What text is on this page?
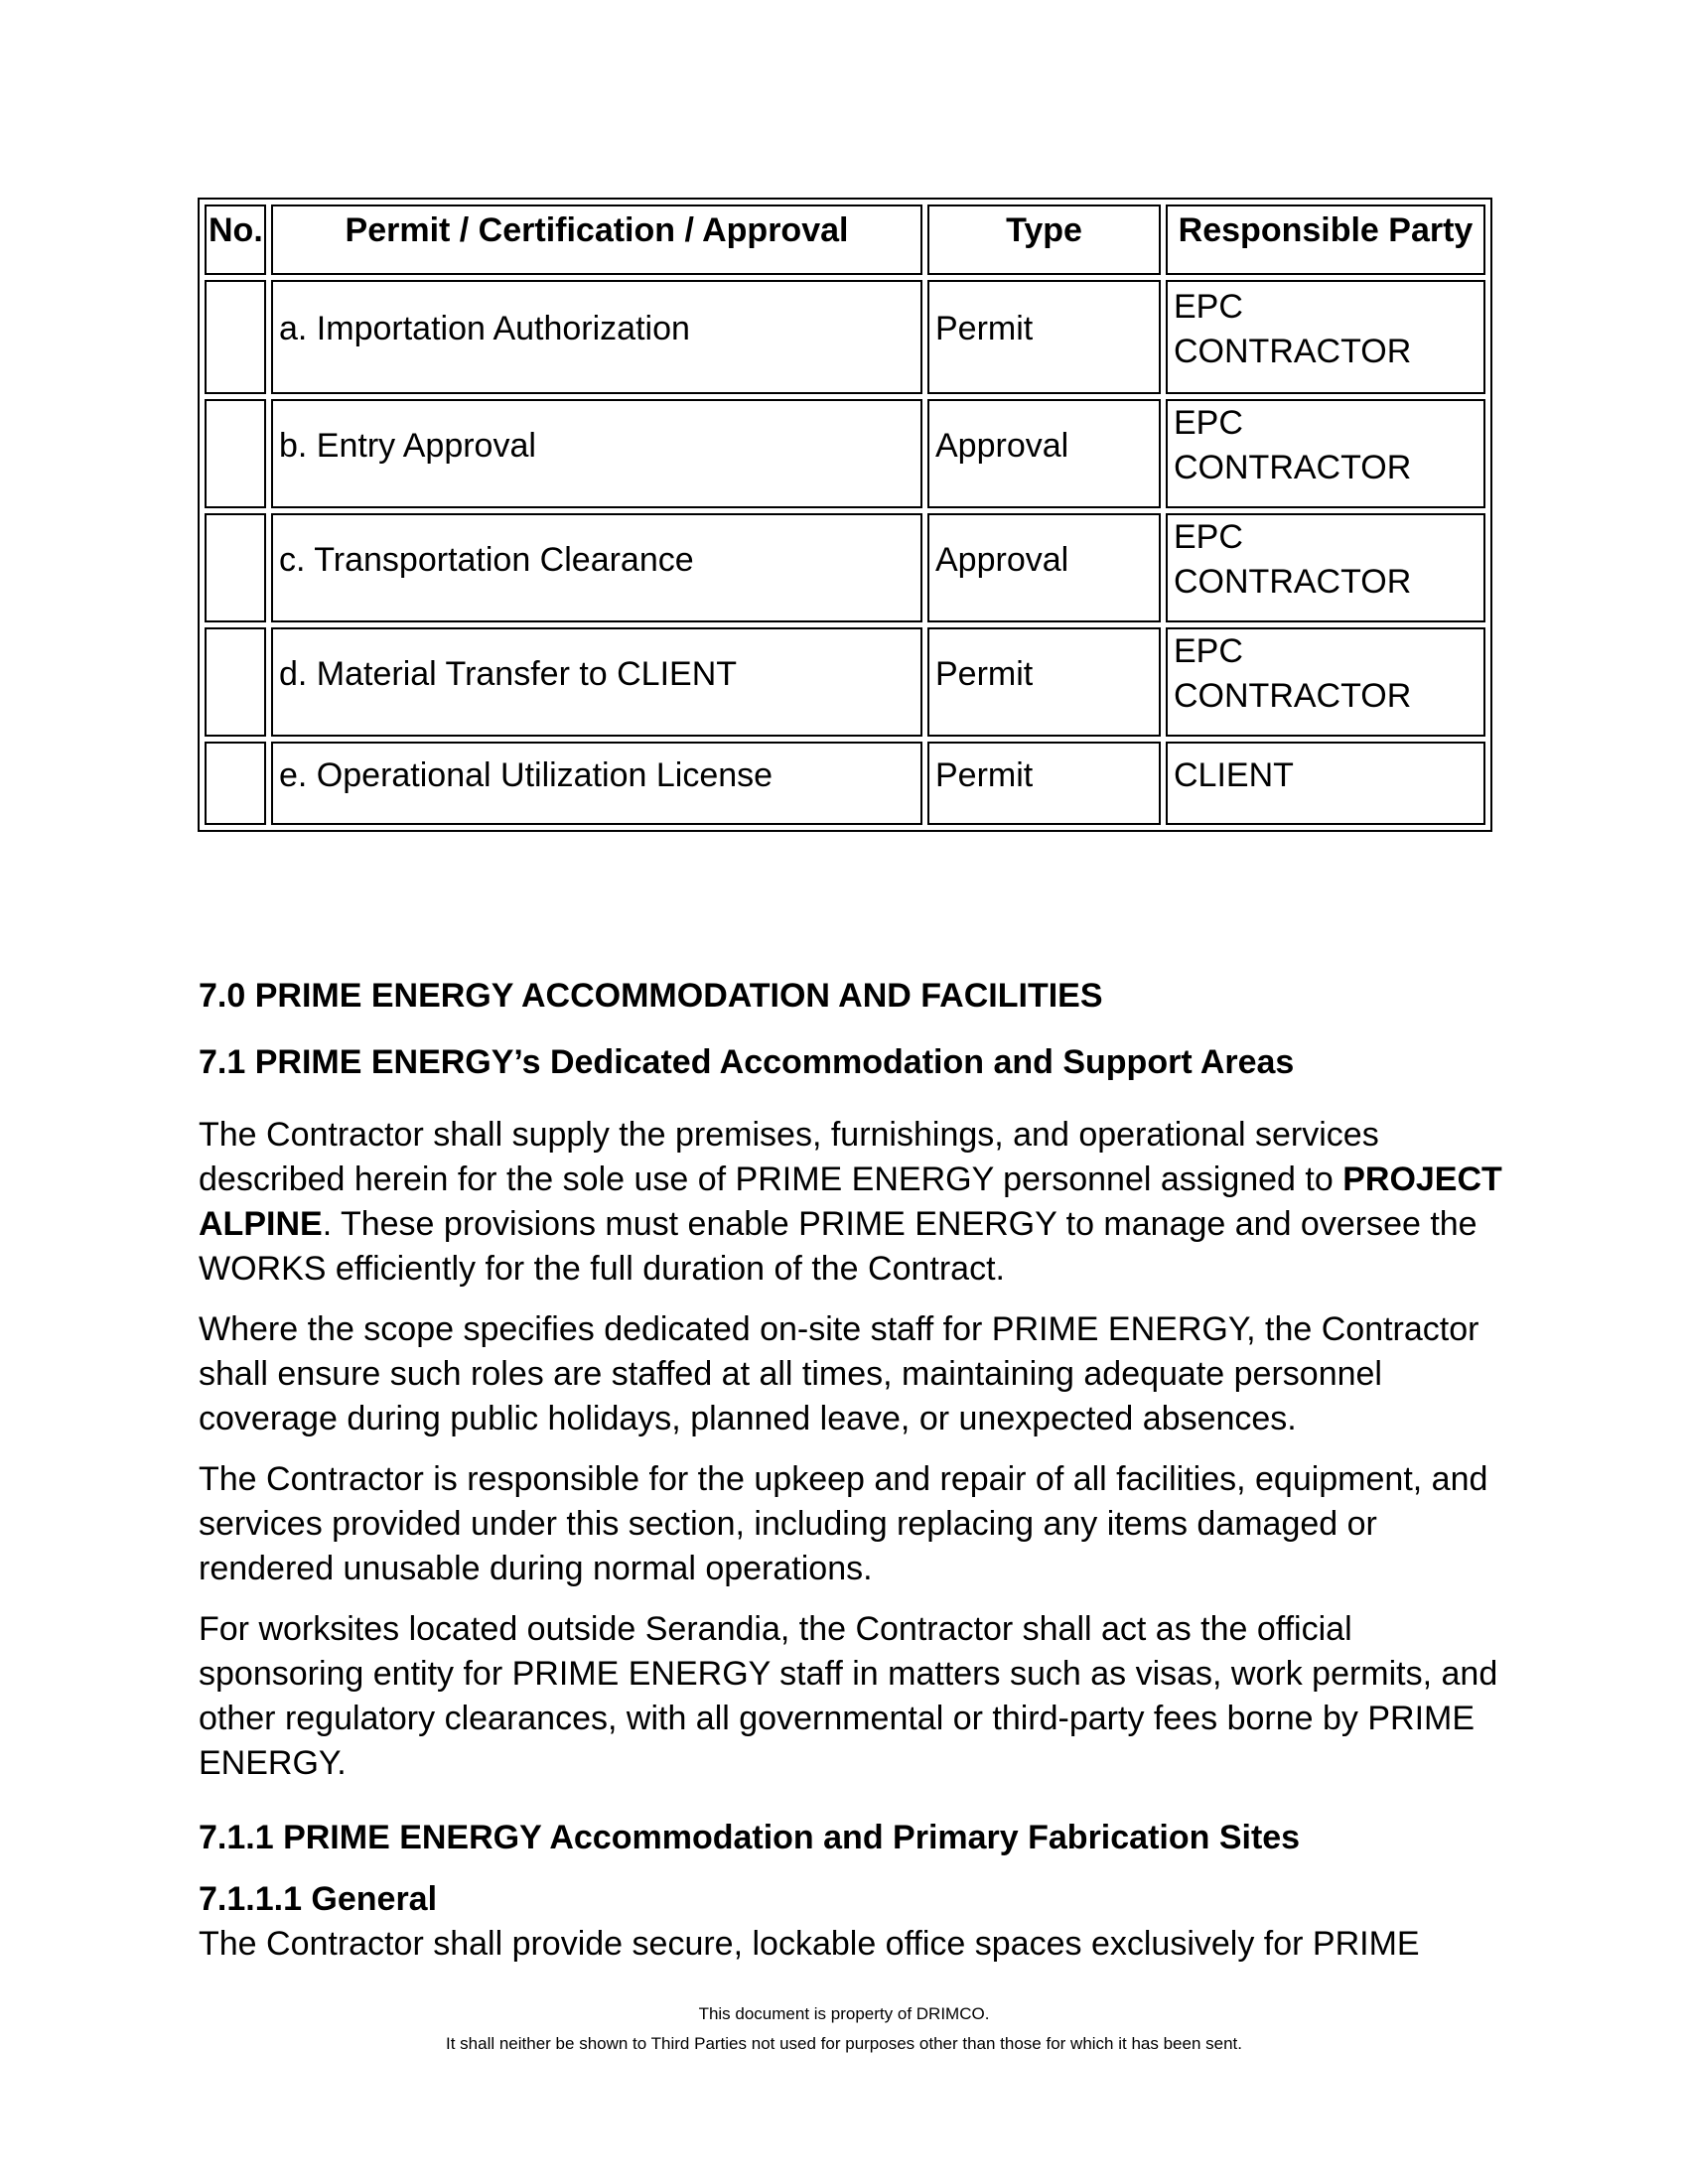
No.	Permit / Certification / Approval	Type	Responsible Party
	a. Importation Authorization	Permit	EPC CONTRACTOR
	b. Entry Approval	Approval	EPC CONTRACTOR
	c. Transportation Clearance	Approval	EPC CONTRACTOR
	d. Material Transfer to CLIENT	Permit	EPC CONTRACTOR
	e. Operational Utilization License	Permit	CLIENT
7.0 PRIME ENERGY ACCOMMODATION AND FACILITIES
7.1 PRIME ENERGY’s Dedicated Accommodation and Support Areas

The Contractor shall supply the premises, furnishings, and operational services described herein for the sole use of PRIME ENERGY personnel assigned to PROJECT ALPINE. These provisions must enable PRIME ENERGY to manage and oversee the WORKS efficiently for the full duration of the Contract.

Where the scope specifies dedicated on-site staff for PRIME ENERGY, the Contractor shall ensure such roles are staffed at all times, maintaining adequate personnel coverage during public holidays, planned leave, or unexpected absences.

The Contractor is responsible for the upkeep and repair of all facilities, equipment, and services provided under this section, including replacing any items damaged or rendered unusable during normal operations.

For worksites located outside Serandia, the Contractor shall act as the official sponsoring entity for PRIME ENERGY staff in matters such as visas, work permits, and other regulatory clearances, with all governmental or third-party fees borne by PRIME ENERGY.

7.1.1 PRIME ENERGY Accommodation and Primary Fabrication Sites
7.1.1.1 General

The Contractor shall provide secure, lockable office spaces exclusively for PRIME

This document is property of DRIMCO.
It shall neither be shown to Third Parties not used for purposes other than those for which it has been sent.
